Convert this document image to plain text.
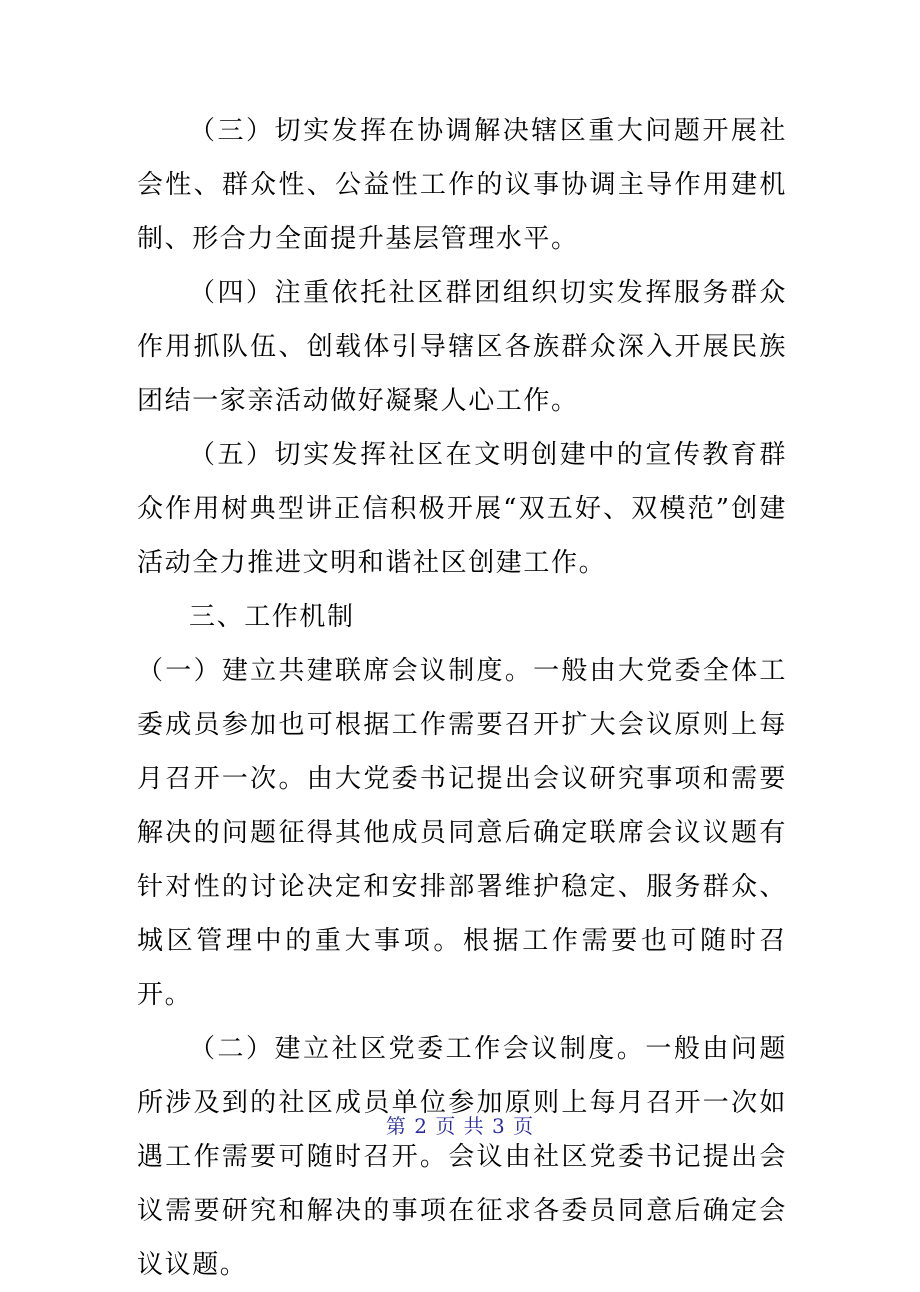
（三）切实发挥在协调解决辖区重大问题开展社会性、群众性、公益性工作的议事协调主导作用建机制、形合力全面提升基层管理水平。

（四）注重依托社区群团组织切实发挥服务群众作用抓队伍、创载体引导辖区各族群众深入开展民族团结一家亲活动做好凝聚人心工作。

（五）切实发挥社区在文明创建中的宣传教育群众作用树典型讲正信积极开展“双五好、双模范”创建活动全力推进文明和谐社区创建工作。

三、工作机制

（一）建立共建联席会议制度。一般由大党委全体工委成员参加也可根据工作需要召开扩大会议原则上每月召开一次。由大党委书记提出会议研究事项和需要解决的问题征得其他成员同意后确定联席会议议题有针对性的讨论决定和安排部署维护稳定、服务群众、城区管理中的重大事项。根据工作需要也可随时召开。

（二）建立社区党委工作会议制度。一般由问题所涉及到的社区成员单位参加原则上每月召开一次如遇工作需要可随时召开。会议由社区党委书记提出会议需要研究和解决的事项在征求各委员同意后确定会议议题。

第 2 页 共 3 页
